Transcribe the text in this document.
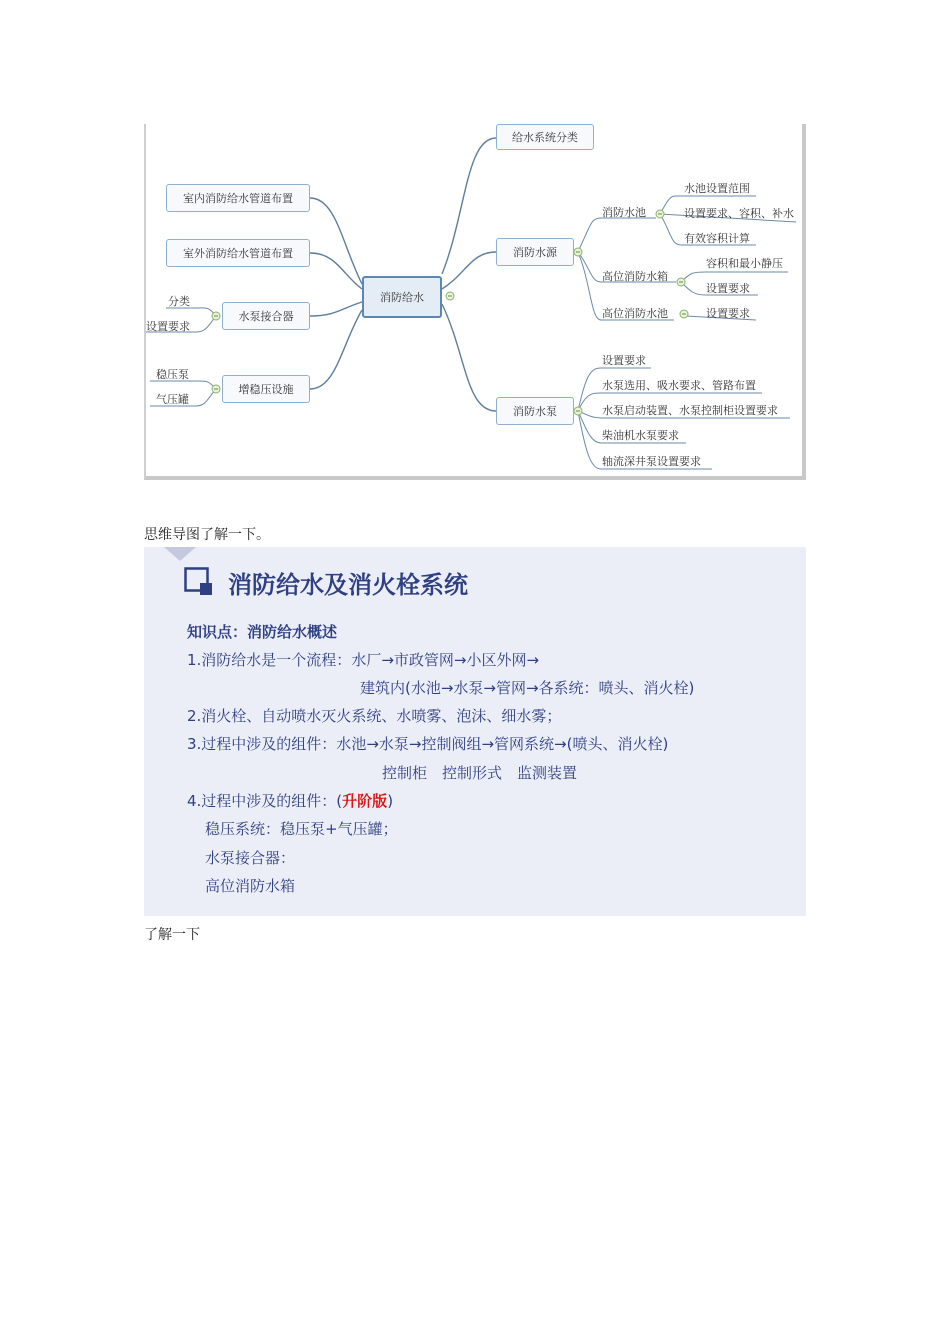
消防给水
给水系统分类
消防水源
消防水泵
消防水池
水池设置范围
设置要求、容积、补水
有效容积计算
高位消防水箱
容积和最小静压
设置要求
高位消防水池	设置要求
设置要求
水泵选用、吸水要求、管路布置
水泵启动装置、水泵控制柜设置要求
柴油机水泵要求
轴流深井泵设置要求
室内消防给水管道布置
室外消防给水管道布置
水泵接合器
增稳压设施
分类
设置要求
稳压泵
气压罐
思维导图了解一下。
消防给水及消火栓系统
知识点：消防给水概述
1.消防给水是一个流程：水厂→市政管网→小区外网→
建筑内(水池→水泵→管网→各系统：喷头、消火栓)
2.消火栓、自动喷水灭火系统、水喷雾、泡沫、细水雾；
3.过程中涉及的组件：水池→水泵→控制阀组→管网系统→(喷头、消火栓)
控制柜　控制形式　监测装置
4.过程中涉及的组件：(升阶版)
稳压系统：稳压泵+气压罐；
水泵接合器：
高位消防水箱
了解一下
